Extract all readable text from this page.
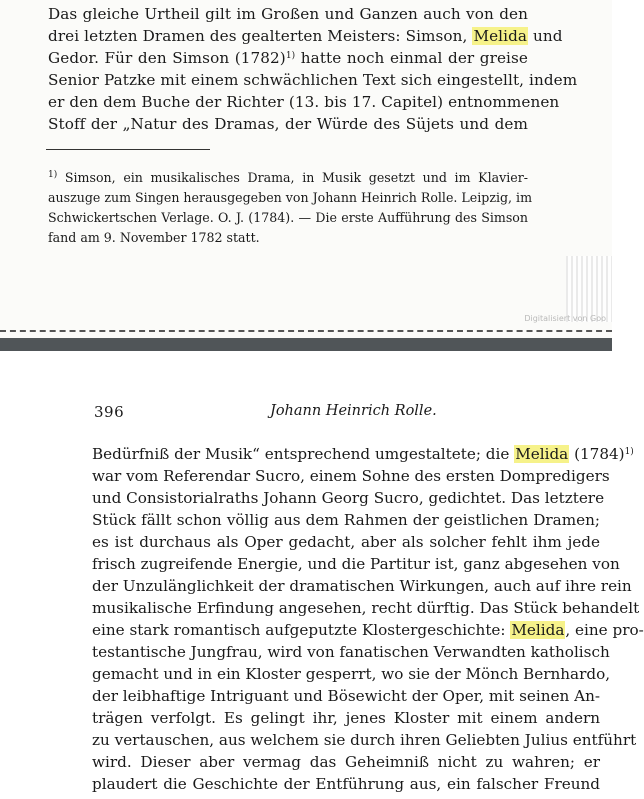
Das gleiche Urtheil gilt im Großen und Ganzen auch von den
drei letzten Dramen des gealterten Meisters: Simson, Melida und
Gedor. Für den Simson $(1782)^{1)}$ hatte noch einmal der greise
Senior Patzke mit einem schwächlichen Text sich eingestellt, indem
er den dem Buche der Richter (13. bis 17. Capitel) entnommenen
Stoff der „Natur des Dramas, der Würde des Süjets und dem
$^{1)}$ Simson, ein musikalisches Drama, in Musik gesetzt und im Klavier-
auszuge zum Singen herausgegeben von Johann Heinrich Rolle. Leipzig, im
Schwickertschen Verlage. O. J. (1784). — Die erste Aufführung des Simson
fand am 9. November 1782 statt.
Digitalisiert von Goo
396	Johann Heinrich Rolle.
Bedürfniß der Musik“ entsprechend umgestaltete; die Melida $(1784)^{1)}$
war vom Referendar Sucro, einem Sohne des ersten Dompredigers
und Consistorialraths Johann Georg Sucro, gedichtet. Das letztere
Stück fällt schon völlig aus dem Rahmen der geistlichen Dramen;
es ist durchaus als Oper gedacht, aber als solcher fehlt ihm jede
frisch zugreifende Energie, und die Partitur ist, ganz abgesehen von
der Unzulänglichkeit der dramatischen Wirkungen, auch auf ihre rein
musikalische Erfindung angesehen, recht dürftig. Das Stück behandelt
eine stark romantisch aufgeputzte Klostergeschichte: Melida, eine pro-
testantische Jungfrau, wird von fanatischen Verwandten katholisch
gemacht und in ein Kloster gesperrt, wo sie der Mönch Bernhardo,
der leibhaftige Intriguant und Bösewicht der Oper, mit seinen An-
trägen verfolgt. Es gelingt ihr, jenes Kloster mit einem andern
zu vertauschen, aus welchem sie durch ihren Geliebten Julius entführt
wird. Dieser aber vermag das Geheimniß nicht zu wahren; er
plaudert die Geschichte der Entführung aus, ein falscher Freund
